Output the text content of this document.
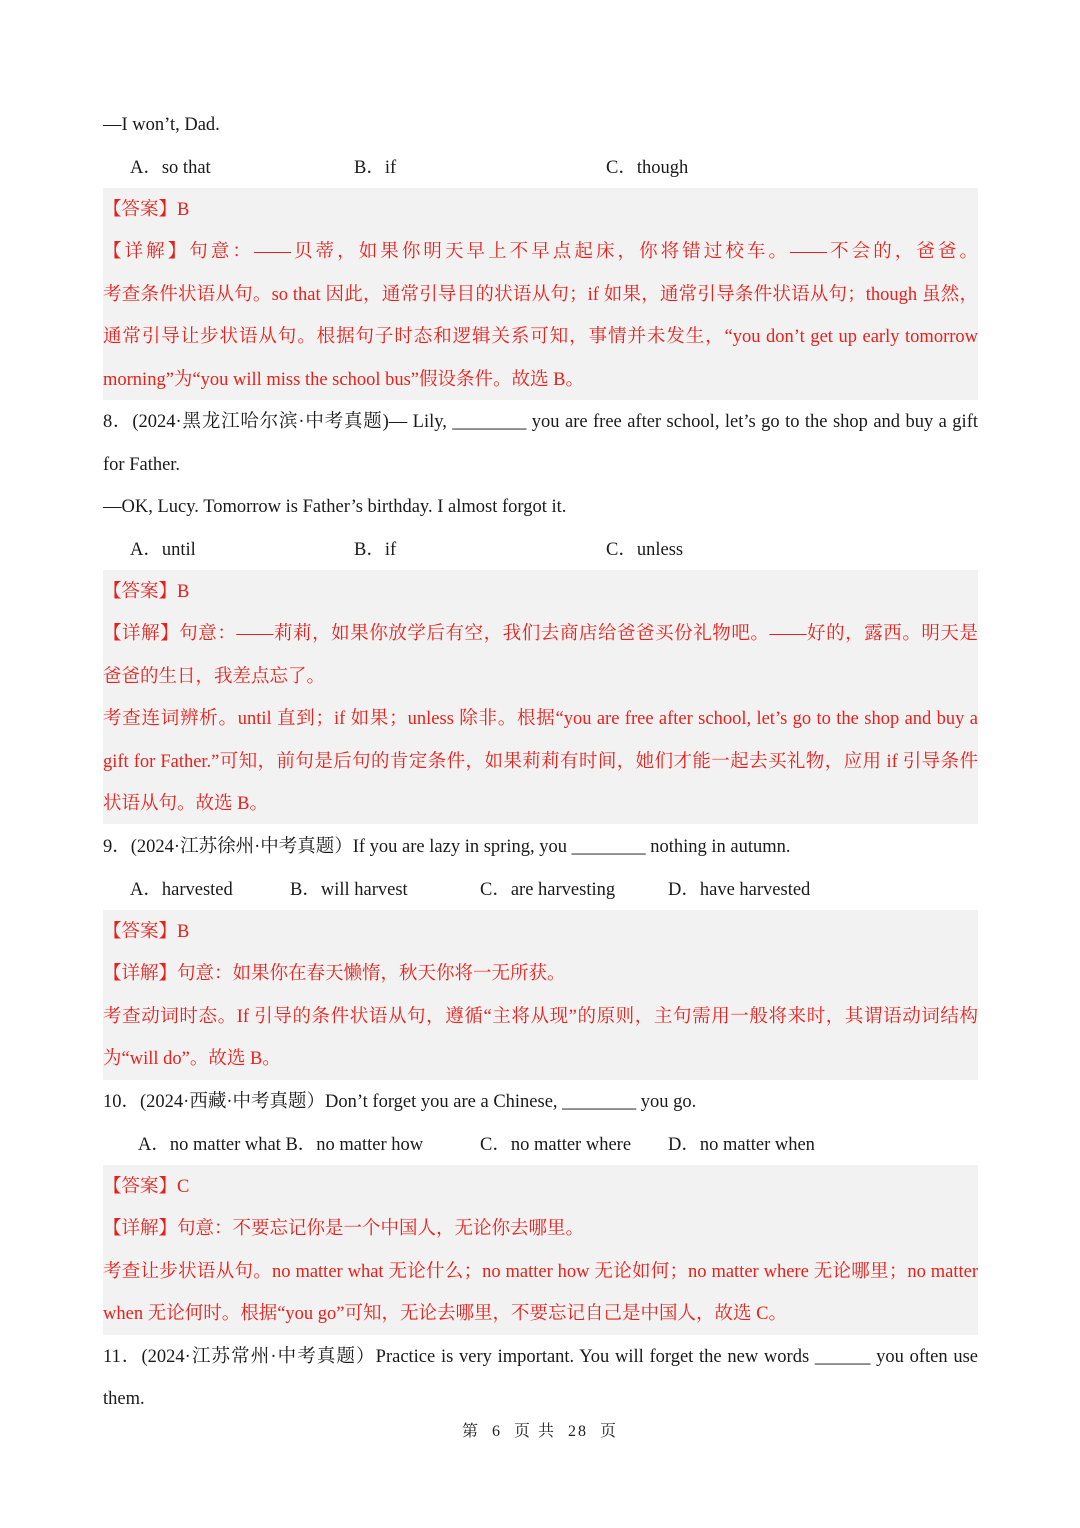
—I won’t, Dad.
A．so that	B．if	C．though
【答案】B
【详解】句意：——贝蒂，如果你明天早上不早点起床，你将错过校车。——不会的，爸爸。
考查条件状语从句。so that 因此，通常引导目的状语从句；if 如果，通常引导条件状语从句；though 虽然，
通常引导让步状语从句。根据句子时态和逻辑关系可知，事情并未发生，“you don’t get up early tomorrow
morning”为“you will miss the school bus”假设条件。故选 B。
8．(2024·黑龙江哈尔滨·中考真题)— Lily, ________ you are free after school, let’s go to the shop and buy a gift
for Father.
—OK, Lucy. Tomorrow is Father’s birthday. I almost forgot it.
A．until	B．if	C．unless
【答案】B
【详解】句意：——莉莉，如果你放学后有空，我们去商店给爸爸买份礼物吧。——好的，露西。明天是
爸爸的生日，我差点忘了。
考查连词辨析。until 直到；if 如果；unless 除非。根据“you are free after school, let’s go to the shop and buy a
gift for Father.”可知，前句是后句的肯定条件，如果莉莉有时间，她们才能一起去买礼物，应用 if 引导条件
状语从句。故选 B。
9．(2024·江苏徐州·中考真题）If you are lazy in spring, you ________ nothing in autumn.
A．harvested	B．will harvest	C．are harvesting	D．have harvested
【答案】B
【详解】句意：如果你在春天懒惰，秋天你将一无所获。
考查动词时态。If 引导的条件状语从句，遵循“主将从现”的原则，主句需用一般将来时，其谓语动词结构
为“will do”。故选 B。
10．(2024·西藏·中考真题）Don’t forget you are a Chinese, ________ you go.
A．no matter what B．no matter how	C．no matter where D．no matter when
【答案】C
【详解】句意：不要忘记你是一个中国人，无论你去哪里。
考查让步状语从句。no matter what 无论什么；no matter how 无论如何；no matter where 无论哪里；no matter
when 无论何时。根据“you go”可知，无论去哪里，不要忘记自己是中国人，故选 C。
11．(2024·江苏常州·中考真题）Practice is very important. You will forget the new words ______ you often use
them.
第 6 页 共 28 页
